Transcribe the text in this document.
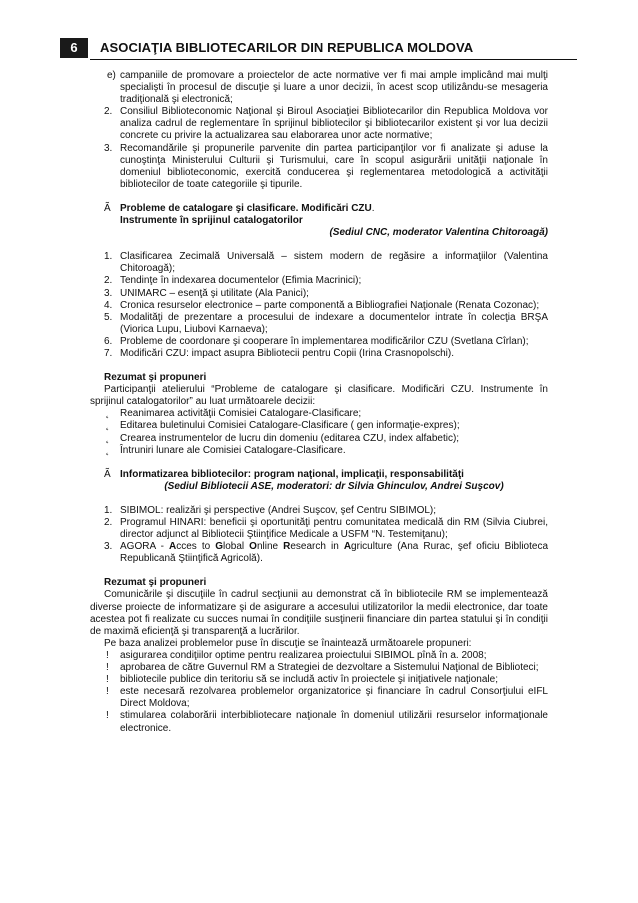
6	ASOCIAŢIA BIBLIOTECARILOR DIN REPUBLICA MOLDOVA
e) campaniile de promovare a proiectelor de acte normative ver fi mai ample implicând mai mulţi specialişti în procesul de discuţie şi luare a unor decizii, în acest scop utilizându-se mesageria tradiţională şi electronică;
2. Consiliul Biblioteconomic Naţional şi Biroul Asociaţiei Bibliotecarilor din Republica Moldova vor analiza cadrul de reglementare în sprijinul bibliotecilor şi bibliotecarilor existent şi vor lua decizii concrete cu privire la actualizarea sau elaborarea unor acte normative;
3. Recomandările şi propunerile parvenite din partea participanţilor vor fi analizate şi aduse la cunoştinţa Ministerului Culturii şi Turismului, care în scopul asigurării unităţii naţionale în domeniul biblioteconomic, exercită conducerea şi reglementarea metodologică a activităţii bibliotecilor de toate categoriile şi tipurile.
Ã Probleme de catalogare şi clasificare. Modificări CZU.
Instrumente în sprijinul catalogatorilor

(Sediul CNC, moderator Valentina Chitoroagă)

1. Clasificarea Zecimală Universală – sistem modern de regăsire a informaţiilor (Valentina Chitoroagă);
2. Tendinţe în indexarea documentelor (Efimia Macrinici);
3. UNIMARC – esenţă şi utilitate (Ala Panici);
4. Cronica resurselor electronice – parte componentă a Bibliografiei Naţionale (Renata Cozonac);
5. Modalităţi de prezentare a procesului de indexare a documentelor intrate în colecţia BRŞA (Viorica Lupu, Liubovi Karnaeva);
6. Probleme de coordonare şi cooperare în implementarea modificărilor CZU (Svetlana Cîrlan);
7. Modificări CZU: impact asupra Bibliotecii pentru Copii (Irina Crasnopolschi).

Rezumat şi propuneri

Participanţii atelierului “Probleme de catalogare şi clasificare. Modificări CZU. Instrumente în sprijinul catalogatorilor” au luat următoarele decizii:

˛ Reanimarea activităţii Comisiei Catalogare-Clasificare;
˛ Editarea buletinului Comisiei Catalogare-Clasificare ( gen informaţie-expres);
˛ Crearea instrumentelor de lucru din domeniu (editarea CZU, index alfabetic);
˛ Întruniri lunare ale Comisiei Catalogare-Clasificare.
Ã Informatizarea bibliotecilor: program naţional, implicaţii, responsabilităţi

(Sediul Bibliotecii ASE, moderatori: dr Silvia Ghinculov, Andrei Suşcov)

1. SIBIMOL: realizări şi perspective (Andrei Suşcov, şef Centru SIBIMOL);
2. Programul HINARI: beneficii şi oportunităţi pentru comunitatea medicală din RM (Silvia Ciubrei, director adjunct al Bibliotecii Ştiinţifice Medicale a USFM “N. Testemiţanu);
3. AGORA - Acces to Global Online Research in Agriculture (Ana Rurac, şef oficiu Biblioteca Republicană Ştiinţifică Agricolă).

Rezumat şi propuneri

Comunicările şi discuţiile în cadrul secţiunii au demonstrat că în bibliotecile RM se implementează diverse proiecte de informatizare şi de asigurare a accesului utilizatorilor la medii electronice, dar toate acestea pot fi realizate cu succes numai în condiţiile susţinerii financiare din partea statului şi în condiţii de maximă eficienţă şi transparenţă a lucrărilor.

Pe baza analizei problemelor puse în discuţie se înaintează următoarele propuneri:

! asigurarea condiţiilor optime pentru realizarea proiectului SIBIMOL pînă în a. 2008;
! aprobarea de către Guvernul RM a Strategiei de dezvoltare a Sistemului Naţional de Biblioteci;
! bibliotecile publice din teritoriu să se includă activ în proiectele şi iniţiativele naţionale;
! este necesară rezolvarea problemelor organizatorice şi financiare în cadrul Consorţiului eIFL Direct Moldova;
! stimularea colaborării interbibliotecare naţionale în domeniul utilizării resurselor informaţionale electronice.
